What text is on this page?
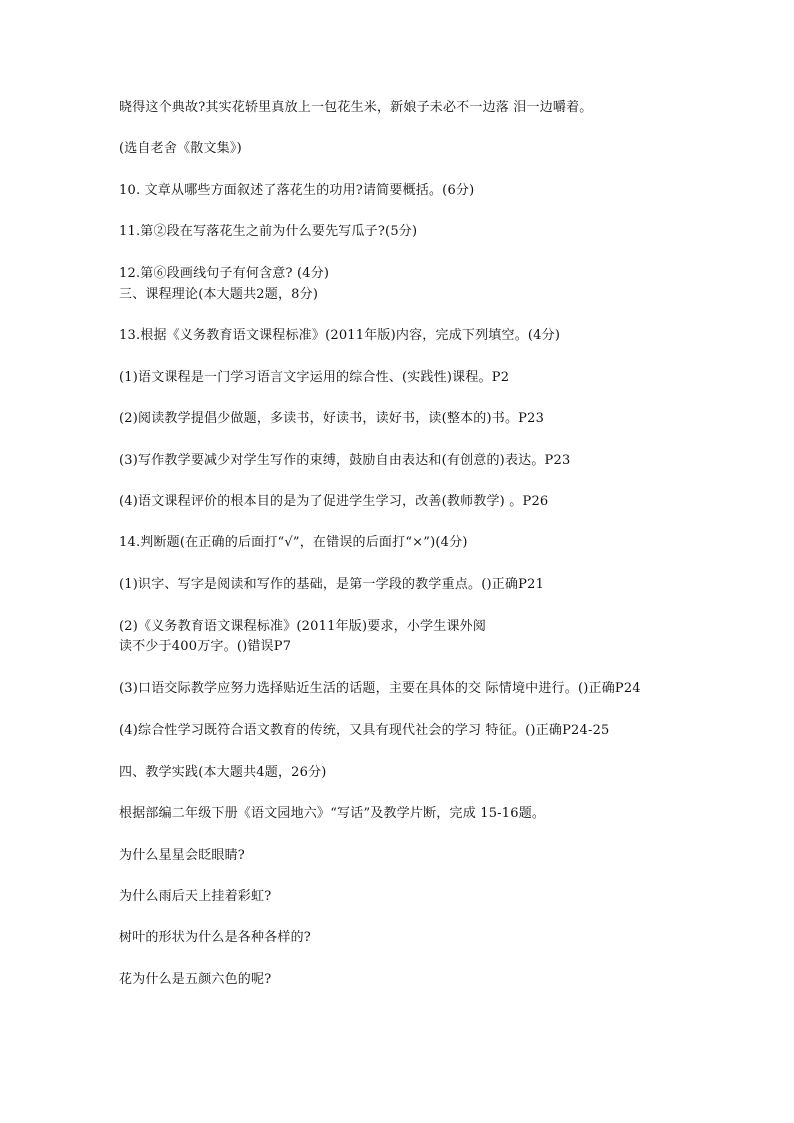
晓得这个典故?其实花轿里真放上一包花生米，新娘子未必不一边落 泪一边嚼着。
(选自老舍《散文集》)
10. 文章从哪些方面叙述了落花生的功用?请简要概括。(6分)
11.第②段在写落花生之前为什么要先写瓜子?(5分)
12.第⑥段画线句子有何含意? (4分)
三、课程理论(本大题共2题，8分)
13.根据《义务教育语文课程标准》(2011年版)内容，完成下列填空。(4分)
(1)语文课程是一门学习语言文字运用的综合性、(实践性)课程。P2
(2)阅读教学提倡少做题，多读书，好读书，读好书，读(整本的)书。P23
(3)写作教学要减少对学生写作的束缚，鼓励自由表达和(有创意的)表达。P23
(4)语文课程评价的根本目的是为了促进学生学习，改善(教师教学) 。P26
14.判断题(在正确的后面打“√”，在错误的后面打“×”)(4分)
(1)识字、写字是阅读和写作的基础，是第一学段的教学重点。()正确P21
(2)《义务教育语文课程标准》(2011年版)要求，小学生课外阅
读不少于400万字。()错误P7
(3)口语交际教学应努力选择贴近生活的话题，主要在具体的交 际情境中进行。()正确P24
(4)综合性学习既符合语文教育的传统，又具有现代社会的学习 特征。()正确P24-25
四、教学实践(本大题共4题，26分)
根据部编二年级下册《语文园地六》“写话”及教学片断，完成 15-16题。
为什么星星会眨眼睛?
为什么雨后天上挂着彩虹?
树叶的形状为什么是各种各样的?
花为什么是五颜六色的呢?
